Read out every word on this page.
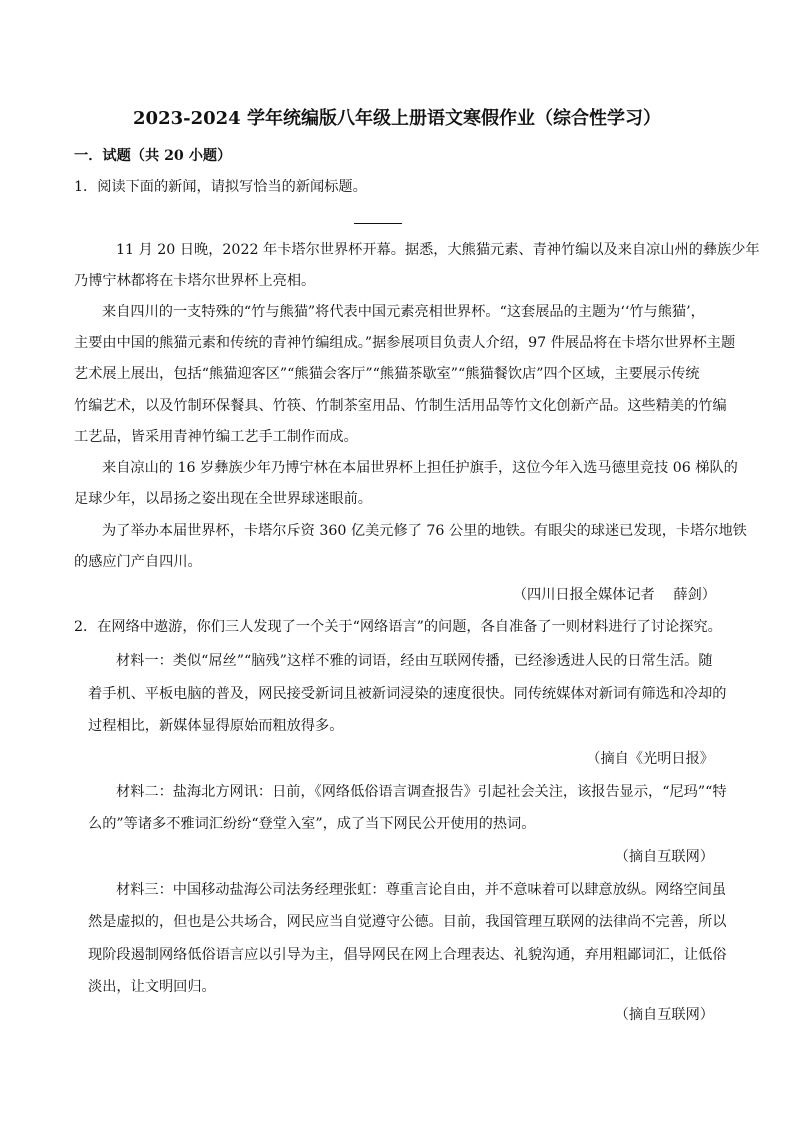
2023-2024 学年统编版八年级上册语文寒假作业（综合性学习）
一．试题（共 20 小题）
1．阅读下面的新闻，请拟写恰当的新闻标题。
11 月 20 日晚，2022 年卡塔尔世界杯开幕。据悉，大熊猫元素、青神竹编以及来自凉山州的彝族少年
乃博宁林都将在卡塔尔世界杯上亮相。
来自四川的一支特殊的“竹与熊猫”将代表中国元素亮相世界杯。“这套展品的主题为‘‘竹与熊猫’，
主要由中国的熊猫元素和传统的青神竹编组成。”据参展项目负责人介绍，97 件展品将在卡塔尔世界杯主题
艺术展上展出，包括“熊猫迎客区”“熊猫会客厅”“熊猫茶歇室”“熊猫餐饮店”四个区域，主要展示传统
竹编艺术，以及竹制环保餐具、竹筷、竹制茶室用品、竹制生活用品等竹文化创新产品。这些精美的竹编
工艺品，皆采用青神竹编工艺手工制作而成。
来自凉山的 16 岁彝族少年乃博宁林在本届世界杯上担任护旗手，这位今年入选马德里竞技 06 梯队的
足球少年，以昂扬之姿出现在全世界球迷眼前。
为了举办本届世界杯，卡塔尔斥资 360 亿美元修了 76 公里的地铁。有眼尖的球迷已发现，卡塔尔地铁
的感应门产自四川。
（四川日报全媒体记者　 薛剑）
2．在网络中遨游，你们三人发现了一个关于“网络语言”的问题，各自准备了一则材料进行了讨论探究。
材料一：类似“屌丝”“脑残”这样不雅的词语，经由互联网传播，已经渗透进人民的日常生活。随
着手机、平板电脑的普及，网民接受新词且被新词浸染的速度很快。同传统媒体对新词有筛选和冷却的
过程相比，新媒体显得原始而粗放得多。
（摘自《光明日报》
材料二：盐海北方网讯：日前，《网络低俗语言调查报告》引起社会关注，该报告显示，“尼玛”“特
么的”等诸多不雅词汇纷纷“登堂入室”，成了当下网民公开使用的热词。
（摘自互联网）
材料三：中国移动盐海公司法务经理张虹：尊重言论自由，并不意味着可以肆意放纵。网络空间虽
然是虚拟的，但也是公共场合，网民应当自觉遵守公德。目前，我国管理互联网的法律尚不完善，所以
现阶段遏制网络低俗语言应以引导为主，倡导网民在网上合理表达、礼貌沟通，弃用粗鄙词汇，让低俗
淡出，让文明回归。
（摘自互联网）
